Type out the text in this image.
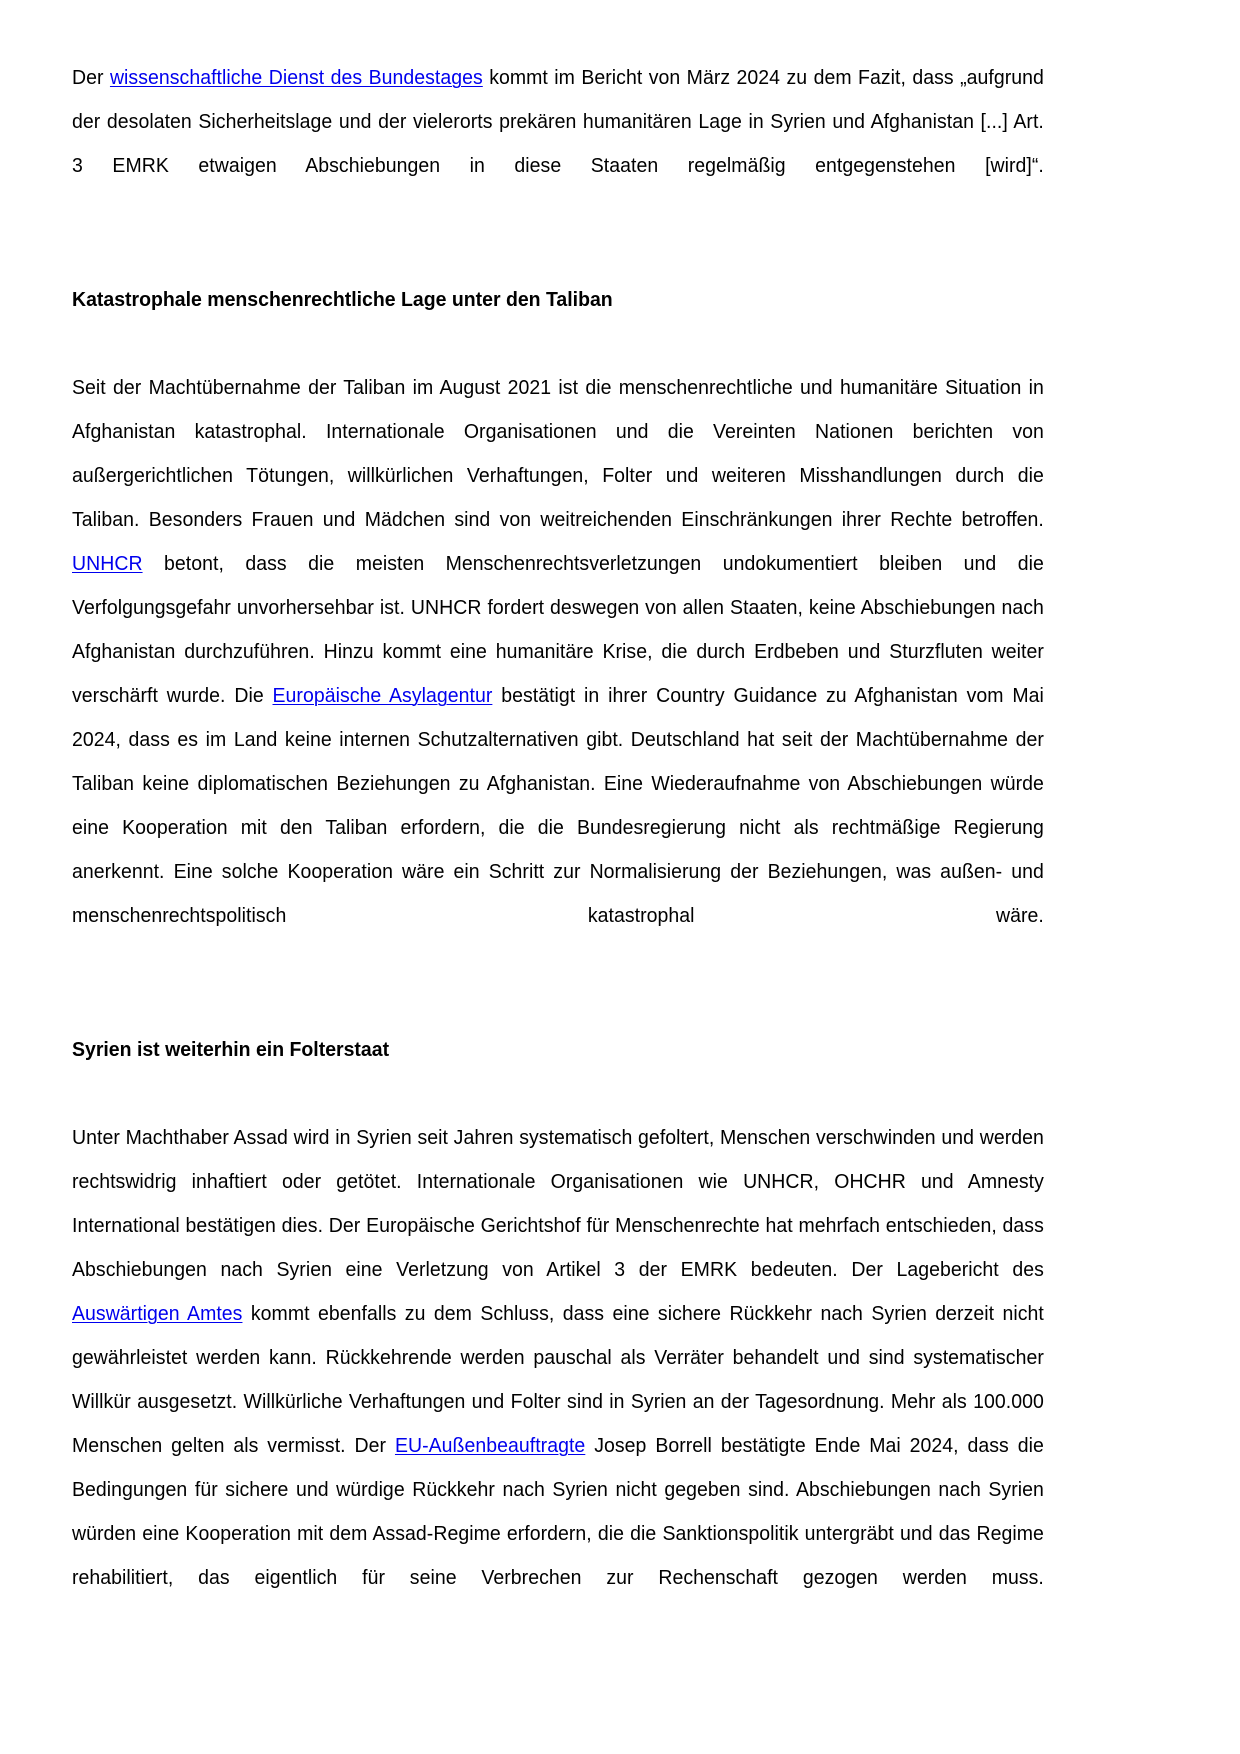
Der wissenschaftliche Dienst des Bundestages kommt im Bericht von März 2024 zu dem Fazit, dass „aufgrund der desolaten Sicherheitslage und der vielerorts prekären humanitären Lage in Syrien und Afghanistan [...] Art. 3 EMRK etwaigen Abschiebungen in diese Staaten regelmäßig entgegenstehen [wird]“.

Katastrophale menschenrechtliche Lage unter den Taliban

Seit der Machtübernahme der Taliban im August 2021 ist die menschenrechtliche und humanitäre Situation in Afghanistan katastrophal. Internationale Organisationen und die Vereinten Nationen berichten von außergerichtlichen Tötungen, willkürlichen Verhaftungen, Folter und weiteren Misshandlungen durch die Taliban. Besonders Frauen und Mädchen sind von weitreichenden Einschränkungen ihrer Rechte betroffen. UNHCR betont, dass die meisten Menschenrechtsverletzungen undokumentiert bleiben und die Verfolgungsgefahr unvorhersehbar ist. UNHCR fordert deswegen von allen Staaten, keine Abschiebungen nach Afghanistan durchzuführen. Hinzu kommt eine humanitäre Krise, die durch Erdbeben und Sturzfluten weiter verschärft wurde. Die Europäische Asylagentur bestätigt in ihrer Country Guidance zu Afghanistan vom Mai 2024, dass es im Land keine internen Schutzalternativen gibt. Deutschland hat seit der Machtübernahme der Taliban keine diplomatischen Beziehungen zu Afghanistan. Eine Wiederaufnahme von Abschiebungen würde eine Kooperation mit den Taliban erfordern, die die Bundesregierung nicht als rechtmäßige Regierung anerkennt. Eine solche Kooperation wäre ein Schritt zur Normalisierung der Beziehungen, was außen- und menschenrechtspolitisch katastrophal wäre.

Syrien ist weiterhin ein Folterstaat

Unter Machthaber Assad wird in Syrien seit Jahren systematisch gefoltert, Menschen verschwinden und werden rechtswidrig inhaftiert oder getötet. Internationale Organisationen wie UNHCR, OHCHR und Amnesty International bestätigen dies. Der Europäische Gerichtshof für Menschenrechte hat mehrfach entschieden, dass Abschiebungen nach Syrien eine Verletzung von Artikel 3 der EMRK bedeuten. Der Lagebericht des Auswärtigen Amtes kommt ebenfalls zu dem Schluss, dass eine sichere Rückkehr nach Syrien derzeit nicht gewährleistet werden kann. Rückkehrende werden pauschal als Verräter behandelt und sind systematischer Willkür ausgesetzt. Willkürliche Verhaftungen und Folter sind in Syrien an der Tagesordnung. Mehr als 100.000 Menschen gelten als vermisst. Der EU-Außenbeauftragte Josep Borrell bestätigte Ende Mai 2024, dass die Bedingungen für sichere und würdige Rückkehr nach Syrien nicht gegeben sind. Abschiebungen nach Syrien würden eine Kooperation mit dem Assad-Regime erfordern, die die Sanktionspolitik untergräbt und das Regime rehabilitiert, das eigentlich für seine Verbrechen zur Rechenschaft gezogen werden muss.
